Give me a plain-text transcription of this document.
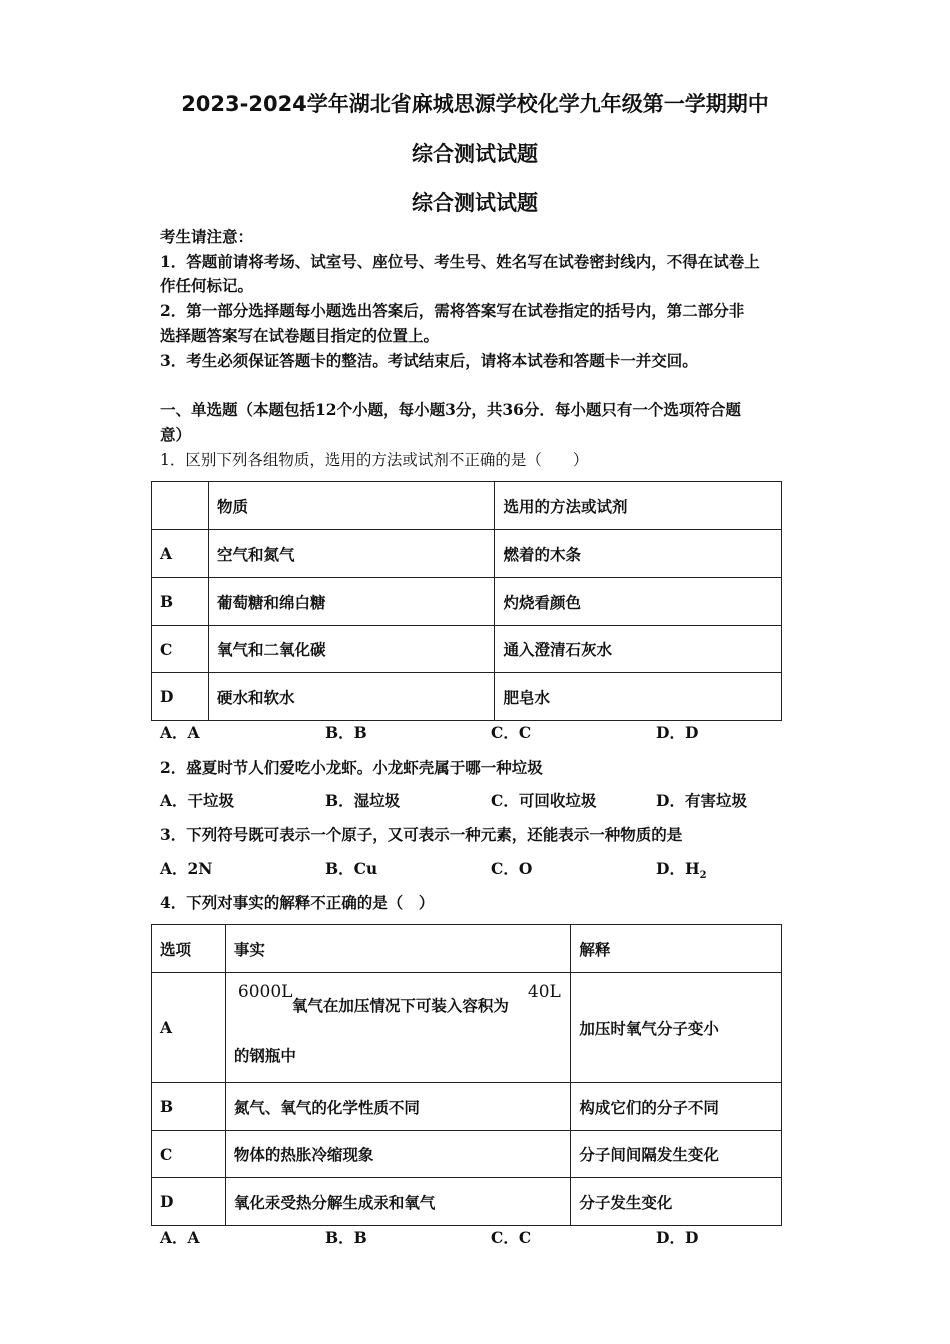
2023-2024学年湖北省麻城思源学校化学九年级第一学期期中
综合测试试题
综合测试试题
考生请注意：
1．答题前请将考场、试室号、座位号、考生号、姓名写在试卷密封线内，不得在试卷上
作任何标记。
2．第一部分选择题每小题选出答案后，需将答案写在试卷指定的括号内，第二部分非
选择题答案写在试卷题目指定的位置上。
3．考生必须保证答题卡的整洁。考试结束后，请将本试卷和答题卡一并交回。
一、单选题（本题包括12个小题，每小题3分，共36分．每小题只有一个选项符合题
意）
1．区别下列各组物质，选用的方法或试剂不正确的是（　　）
	物质	选用的方法或试剂
A	空气和氮气	燃着的木条
B	葡萄糖和绵白糖	灼烧看颜色
C	氧气和二氧化碳	通入澄清石灰水
D	硬水和软水	肥皂水
A．A	B．B	C．C	D．D
2．盛夏时节人们爱吃小龙虾。小龙虾壳属于哪一种垃圾
A．干垃圾	B．湿垃圾	C．可回收垃圾	D．有害垃圾
3．下列符号既可表示一个原子，又可表示一种元素，还能表示一种物质的是
A．2N	B．Cu	C．O	D．$H_2$
4．下列对事实的解释不正确的是（　）
选项	事实	解释
A	6000L
氧气在加压情况下可装入容积为
40L
的钢瓶中	加压时氧气分子变小
B	氮气、氧气的化学性质不同	构成它们的分子不同
C	物体的热胀冷缩现象	分子间间隔发生变化
D	氧化汞受热分解生成汞和氧气	分子发生变化
A．A	B．B	C．C	D．D
